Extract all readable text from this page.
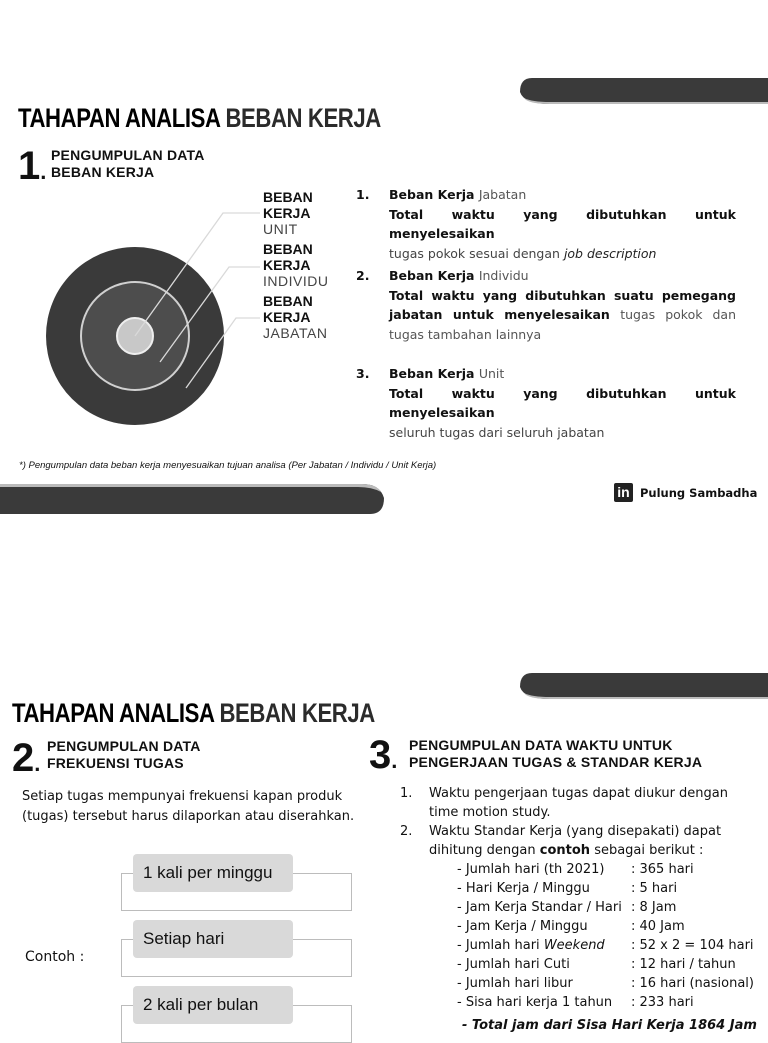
TAHAPAN ANALISA BEBAN KERJA
1.
PENGUMPULAN DATA
BEBAN KERJA
BEBAN
KERJA
UNIT
BEBAN
KERJA
INDIVIDU
BEBAN
KERJA
JABATAN
1. Beban Kerja Jabatan
Total waktu yang dibutuhkan untuk menyelesaikan
tugas pokok sesuai dengan job description
2. Beban Kerja Individu
Total waktu yang dibutuhkan suatu pemegang jabatan untuk menyelesaikan tugas pokok dan tugas tambahan lainnya
3. Beban Kerja Unit
Total waktu yang dibutuhkan untuk menyelesaikan
seluruh tugas dari seluruh jabatan
*) Pengumpulan data beban kerja menyesuaikan tujuan analisa (Per Jabatan / Individu / Unit Kerja)
in Pulung Sambadha
TAHAPAN ANALISA BEBAN KERJA
2.
PENGUMPULAN DATA
FREKUENSI TUGAS
Setiap tugas mempunyai frekuensi kapan produk
(tugas) tersebut harus dilaporkan atau diserahkan.
1 kali per minggu
Setiap hari
2 kali per bulan
Contoh :
3.
PENGUMPULAN DATA WAKTU UNTUK
PENGERJAAN TUGAS & STANDAR KERJA
1. Waktu pengerjaan tugas dapat diukur dengan
time motion study.
2. Waktu Standar Kerja (yang disepakati) dapat
dihitung dengan contoh sebagai berikut :
- Jumlah hari (th 2021) : 365 hari
- Hari Kerja / Minggu	: 5 hari
- Jam Kerja Standar / Hari : 8 Jam
- Jam Kerja / Minggu	: 40 Jam
- Jumlah hari Weekend : 52 x 2 = 104 hari
- Jumlah hari Cuti	: 12 hari / tahun
- Jumlah hari libur	: 16 hari (nasional)
- Sisa hari kerja 1 tahun : 233 hari
- Total jam dari Sisa Hari Kerja 1864 Jam
